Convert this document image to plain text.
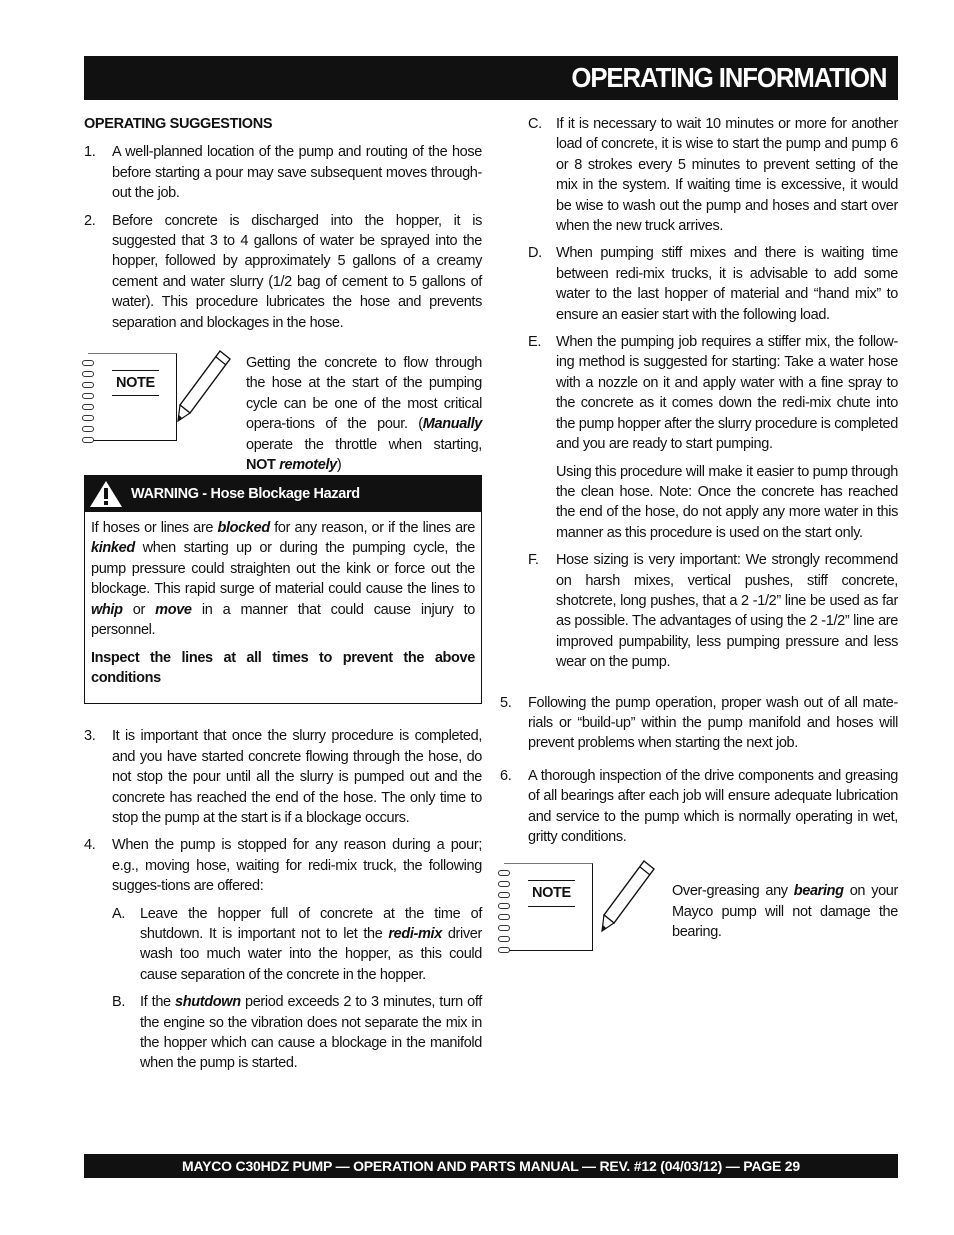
OPERATING INFORMATION
OPERATING SUGGESTIONS
1. A well-planned location of the pump and routing of the hose before starting a pour may save subsequent moves through-out the job.
2. Before concrete is discharged into the hopper, it is suggested that 3 to 4 gallons of water be sprayed into the hopper, followed by approximately 5 gallons of a creamy cement and water slurry (1/2 bag of cement to 5 gallons of water). This procedure lubricates the hose and prevents separation and blockages in the hose.
NOTE
Getting the concrete to flow through the hose at the start of the pumping cycle can be one of the most critical opera-tions of the pour. (Manually operate the throttle when starting, NOT remotely)
WARNING - Hose Blockage Hazard

If hoses or lines are blocked for any reason, or if the lines are kinked when starting up or during the pumping cycle, the pump pressure could straighten out the kink or force out the blockage. This rapid surge of material could cause the lines to whip or move in a manner that could cause injury to personnel.

Inspect the lines at all times to prevent the above conditions

3. It is important that once the slurry procedure is completed, and you have started concrete flowing through the hose, do not stop the pour until all the slurry is pumped out and the concrete has reached the end of the hose. The only time to stop the pump at the start is if a blockage occurs.
4. When the pump is stopped for any reason during a pour; e.g., moving hose, waiting for redi-mix truck, the following sugges-tions are offered:
A. Leave the hopper full of concrete at the time of shutdown. It is important not to let the redi-mix driver wash too much water into the hopper, as this could cause separation of the concrete in the hopper.
B. If the shutdown period exceeds 2 to 3 minutes, turn off the engine so the vibration does not separate the mix in the hopper which can cause a blockage in the manifold when the pump is started.
C. If it is necessary to wait 10 minutes or more for another load of concrete, it is wise to start the pump and pump 6 or 8 strokes every 5 minutes to prevent setting of the mix in the system. If waiting time is excessive, it would be wise to wash out the pump and hoses and start over when the new truck arrives.
D. When pumping stiff mixes and there is waiting time between redi-mix trucks, it is advisable to add some water to the last hopper of material and “hand mix” to ensure an easier start with the following load.
E. When the pumping job requires a stiffer mix, the follow-ing method is suggested for starting: Take a water hose with a nozzle on it and apply water with a fine spray to the concrete as it comes down the redi-mix chute into the pump hopper after the slurry procedure is completed and you are ready to start pumping.
Using this procedure will make it easier to pump through the clean hose. Note: Once the concrete has reached the end of the hose, do not apply any more water in this manner as this procedure is used on the start only.
F. Hose sizing is very important: We strongly recommend on harsh mixes, vertical pushes, stiff concrete, shotcrete, long pushes, that a 2 -1/2” line be used as far as possible. The advantages of using the 2 -1/2” line are improved pumpability, less pumping pressure and less wear on the pump.
5. Following the pump operation, proper wash out of all mate-rials or “build-up” within the pump manifold and hoses will prevent problems when starting the next job.
6. A thorough inspection of the drive components and greasing of all bearings after each job will ensure adequate lubrication and service to the pump which is normally operating in wet, gritty conditions.
NOTE	Over-greasing any bearing on your Mayco pump will not damage the bearing.
MAYCO C30HDZ PUMP — OPERATION AND PARTS MANUAL — REV. #12 (04/03/12) — PAGE 29
